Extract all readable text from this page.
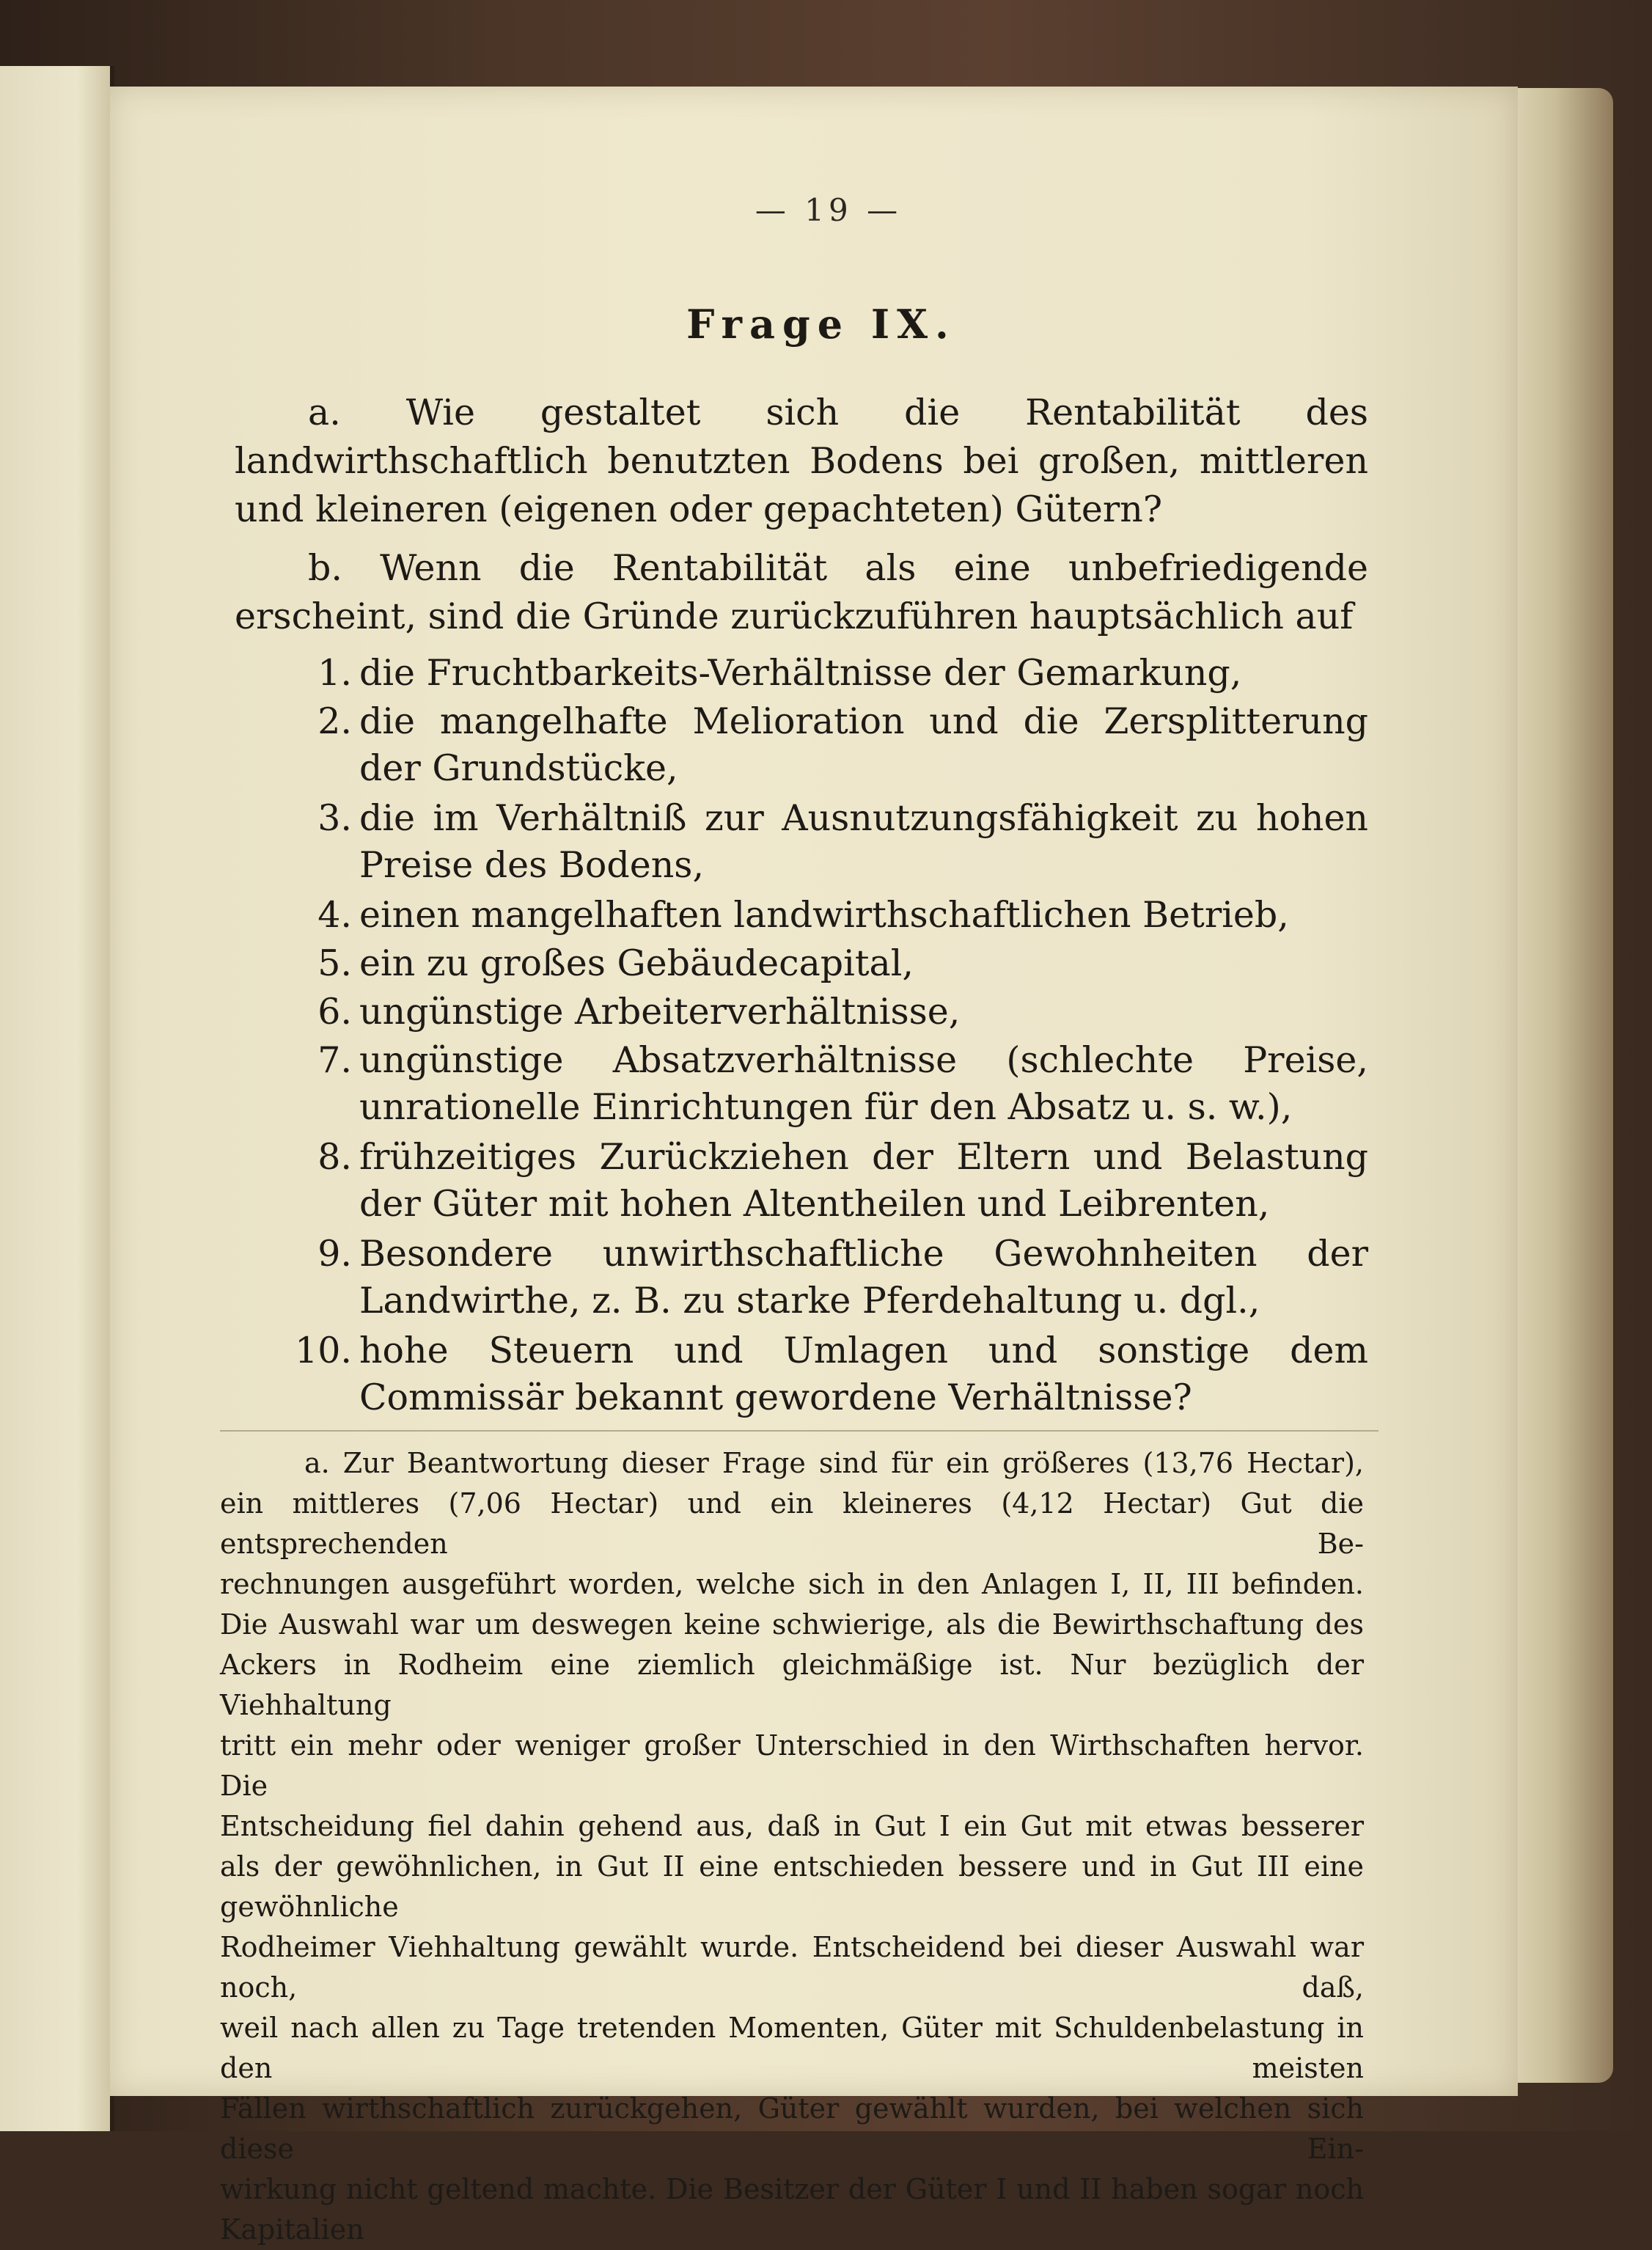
— 19 —
Frage IX.
a. Wie gestaltet sich die Rentabilität des landwirthschaftlich benutzten Bodens bei großen, mittleren und kleineren (eigenen oder gepachteten) Gütern?
b. Wenn die Rentabilität als eine unbefriedigende erscheint, sind die Gründe zurückzuführen hauptsächlich auf
1. die Fruchtbarkeits-Verhältnisse der Gemarkung,
2. die mangelhafte Melioration und die Zersplitterung der Grundstücke,
3. die im Verhältniß zur Ausnutzungsfähigkeit zu hohen Preise des Bodens,
4. einen mangelhaften landwirthschaftlichen Betrieb,
5. ein zu großes Gebäudecapital,
6. ungünstige Arbeiterverhältnisse,
7. ungünstige Absatzverhältnisse (schlechte Preise, unrationelle Einrichtungen für den Absatz u. s. w.),
8. frühzeitiges Zurückziehen der Eltern und Belastung der Güter mit hohen Altentheilen und Leibrenten,
9. Besondere unwirthschaftliche Gewohnheiten der Landwirthe, z. B. zu starke Pferdehaltung u. dgl.,
10. hohe Steuern und Umlagen und sonstige dem Commissär bekannt gewordene Verhältnisse?
a. Zur Beantwortung dieser Frage sind für ein größeres (13,76 Hectar),
ein mittleres (7,06 Hectar) und ein kleineres (4,12 Hectar) Gut die entsprechenden Be-
rechnungen ausgeführt worden, welche sich in den Anlagen I, II, III befinden.
Die Auswahl war um deswegen keine schwierige, als die Bewirthschaftung des
Ackers in Rodheim eine ziemlich gleichmäßige ist. Nur bezüglich der Viehhaltung
tritt ein mehr oder weniger großer Unterschied in den Wirthschaften hervor. Die
Entscheidung fiel dahin gehend aus, daß in Gut I ein Gut mit etwas besserer
als der gewöhnlichen, in Gut II eine entschieden bessere und in Gut III eine gewöhnliche
Rodheimer Viehhaltung gewählt wurde. Entscheidend bei dieser Auswahl war noch, daß,
weil nach allen zu Tage tretenden Momenten, Güter mit Schuldenbelastung in den meisten
Fällen wirthschaftlich zurückgehen, Güter gewählt wurden, bei welchen sich diese Ein-
wirkung nicht geltend machte. Die Besitzer der Güter I und II haben sogar noch Kapitalien
